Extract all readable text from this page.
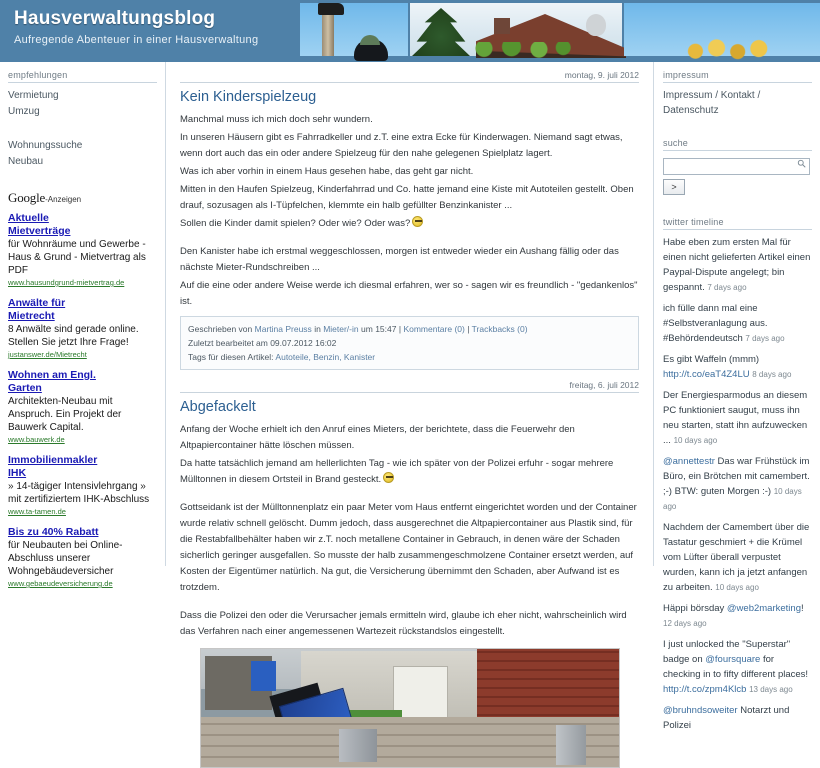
Hausverwaltungsblog
Aufregende Abenteuer in einer Hausverwaltung
empfehlungen
Vermietung
Umzug
Wohnungssuche
Neubau
Google-Anzeigen
Aktuelle
Mietverträge
für Wohnräume und Gewerbe - Haus & Grund - Mietvertrag als PDF
www.hausundgrund-mietvertrag.de
Anwälte für
Mietrecht
8 Anwälte sind gerade online. Stellen Sie jetzt Ihre Frage!
justanswer.de/Mietrecht
Wohnen am Engl.
Garten
Architekten-Neubau mit Anspruch. Ein Projekt der Bauwerk Capital.
www.bauwerk.de
Immobilienmakler
IHK
» 14-tägiger Intensivlehrgang » mit zertifiziertem IHK-Abschluss
www.ta-tamen.de
Bis zu 40% Rabatt
für Neubauten bei Online-Abschluss unserer Wohngebäudeversicher
www.gebaeudeversicherung.de
montag, 9. juli 2012
Kein Kinderspielzeug

Manchmal muss ich mich doch sehr wundern.

In unseren Häusern gibt es Fahrradkeller und z.T. eine extra Ecke für Kinderwagen. Niemand sagt etwas, wenn dort auch das ein oder andere Spielzeug für den nahe gelegenen Spielplatz lagert.

Was ich aber vorhin in einem Haus gesehen habe, das geht gar nicht.

Mitten in den Haufen Spielzeug, Kinderfahrrad und Co. hatte jemand eine Kiste mit Autoteilen gestellt. Oben drauf, sozusagen als I-Tüpfelchen, klemmte ein halb gefüllter Benzinkanister ...

Sollen die Kinder damit spielen? Oder wie? Oder was?

Den Kanister habe ich erstmal weggeschlossen, morgen ist entweder wieder ein Aushang fällig oder das nächste Mieter-Rundschreiben ...

Auf die eine oder andere Weise werde ich diesmal erfahren, wer so - sagen wir es freundlich - "gedankenlos" ist.

Geschrieben von Martina Preuss in Mieter/-in um 15:47 | Kommentare (0) | Trackbacks (0)
Zuletzt bearbeitet am 09.07.2012 16:02
Tags für diesen Artikel: Autoteile, Benzin, Kanister
freitag, 6. juli 2012
Abgefackelt

Anfang der Woche erhielt ich den Anruf eines Mieters, der berichtete, dass die Feuerwehr den Altpapiercontainer hätte löschen müssen.

Da hatte tatsächlich jemand am hellerlichten Tag - wie ich später von der Polizei erfuhr - sogar mehrere Mülltonnen in diesem Ortsteil in Brand gesteckt.

Gottseidank ist der Mülltonnenplatz ein paar Meter vom Haus entfernt eingerichtet worden und der Container wurde relativ schnell gelöscht. Dumm jedoch, dass ausgerechnet die Altpapiercontainer aus Plastik sind, für die Restabfallbehälter haben wir z.T. noch metallene Container in Gebrauch, in denen wäre der Schaden sicherlich geringer ausgefallen. So musste der halb zusammengeschmolzene Container ersetzt werden, auf Kosten der Eigentümer natürlich. Na gut, die Versicherung übernimmt den Schaden, aber Aufwand ist es trotzdem.

Dass die Polizei den oder die Verursacher jemals ermitteln wird, glaube ich eher nicht, wahrscheinlich wird das Verfahren nach einer angemessenen Wartezeit rückstandslos eingestellt.

impressum
Impressum / Kontakt / Datenschutz
suche
>
twitter timeline
Habe eben zum ersten Mal für einen nicht gelieferten Artikel einen Paypal-Dispute angelegt; bin gespannt. 7 days ago
ich fülle dann mal eine #Selbstveranlagung aus. #Behördendeutsch 7 days ago
Es gibt Waffeln (mmm) http://t.co/eaT4Z4LU 8 days ago
Der Energiesparmodus an diesem PC funktioniert saugut, muss ihn neu starten, statt ihn aufzuwecken ... 10 days ago
@annettestr Das war Frühstück im Büro, ein Brötchen mit camembert. ;-) BTW: guten Morgen :-) 10 days ago
Nachdem der Camembert über die Tastatur geschmiert + die Krümel vom Lüfter überall verpustet wurden, kann ich ja jetzt anfangen zu arbeiten. 10 days ago
Häppi börsday @web2marketing! 12 days ago
I just unlocked the "Superstar" badge on @foursquare for checking in to fifty different places! http://t.co/zpm4Klcb 13 days ago
@bruhndsoweiter Notarzt und Polizei
